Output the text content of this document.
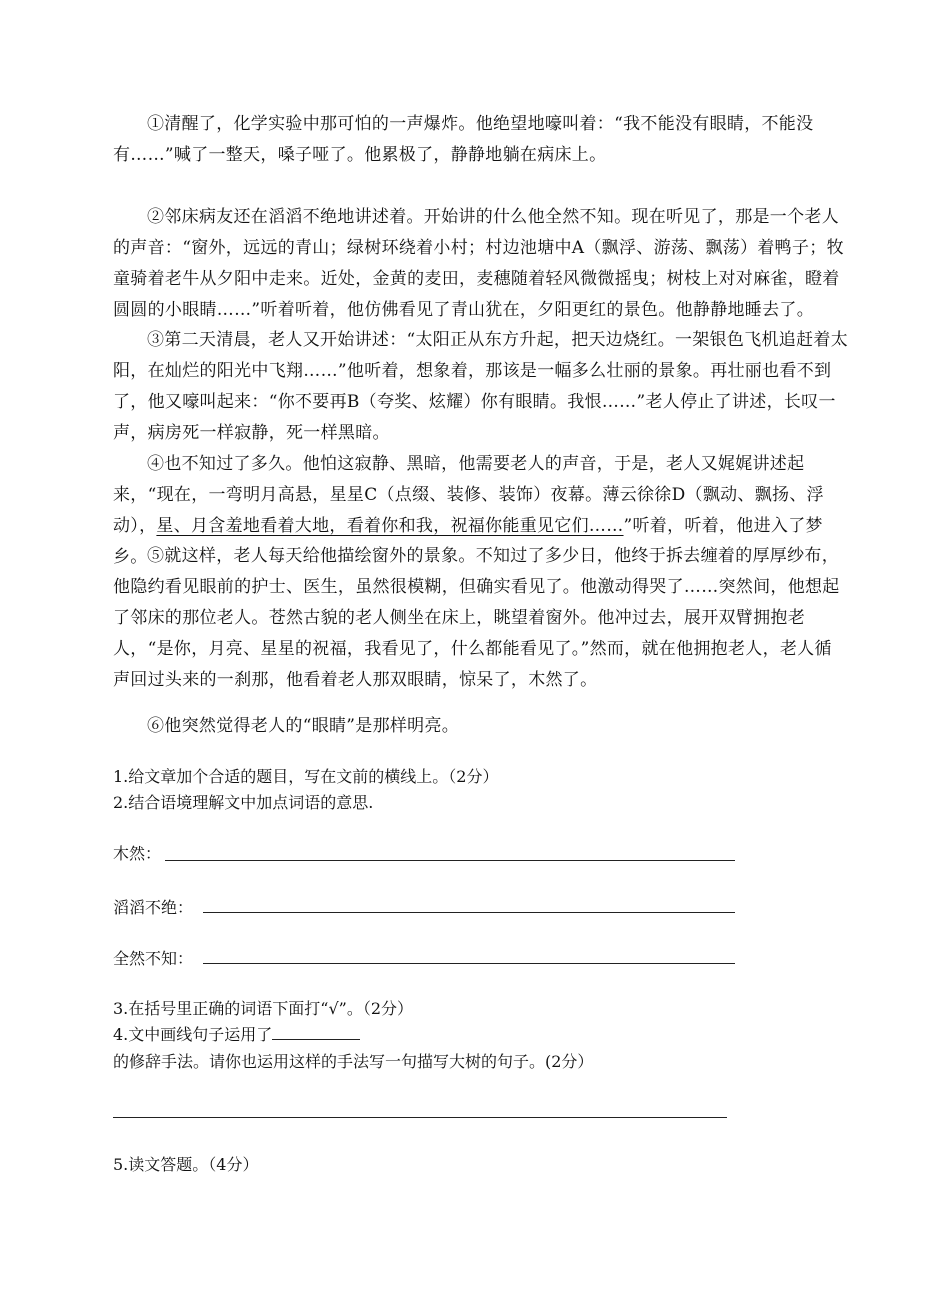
①清醒了，化学实验中那可怕的一声爆炸。他绝望地嚎叫着：“我不能没有眼睛，不能没有……”喊了一整天，嗓子哑了。他累极了，静静地躺在病床上。

②邻床病友还在滔滔不绝地讲述着。开始讲的什么他全然不知。现在听见了，那是一个老人的声音：“窗外，远远的青山；绿树环绕着小村；村边池塘中A（飘浮、游荡、飘荡）着鸭子；牧童骑着老牛从夕阳中走来。近处，金黄的麦田，麦穗随着轻风微微摇曳；树枝上对对麻雀，瞪着圆圆的小眼睛……”听着听着，他仿佛看见了青山犹在，夕阳更红的景色。他静静地睡去了。

③第二天清晨，老人又开始讲述：“太阳正从东方升起，把天边烧红。一架银色飞机追赶着太阳，在灿烂的阳光中飞翔……”他听着，想象着，那该是一幅多么壮丽的景象。再壮丽也看不到了，他又嚎叫起来：“你不要再B（夸奖、炫耀）你有眼睛。我恨……”老人停止了讲述，长叹一声，病房死一样寂静，死一样黑暗。

④也不知过了多久。他怕这寂静、黑暗，他需要老人的声音，于是，老人又娓娓讲述起来，“现在，一弯明月高悬，星星C（点缀、装修、装饰）夜幕。薄云徐徐D（飘动、飘扬、浮动），星、月含羞地看着大地，看着你和我，祝福你能重见它们……”听着，听着，他进入了梦乡。 ⑤就这样，老人每天给他描绘窗外的景象。不知过了多少日，他终于拆去缠着的厚厚纱布，他隐约看见眼前的护士、医生，虽然很模糊，但确实看见了。他激动得哭了……突然间，他想起了邻床的那位老人。苍然古貌的老人侧坐在床上，眺望着窗外。他冲过去，展开双臂拥抱老人，“是你，月亮、星星的祝福，我看见了，什么都能看见了。”然而，就在他拥抱老人，老人循声回过头来的一刹那，他看着老人那双眼睛，惊呆了，木然了。

⑥他突然觉得老人的“眼睛”是那样明亮。

1.给文章加个合适的题目，写在文前的横线上。（2分）

2.结合语境理解文中加点词语的意思.

木然：
滔滔不绝：
全然不知：

3.在括号里正确的词语下面打“√”。（2分）

4.文中画线句子运用了的修辞手法。请你也运用这样的手法写一句描写大树的句子。(2分）

5.读文答题。（4分）
